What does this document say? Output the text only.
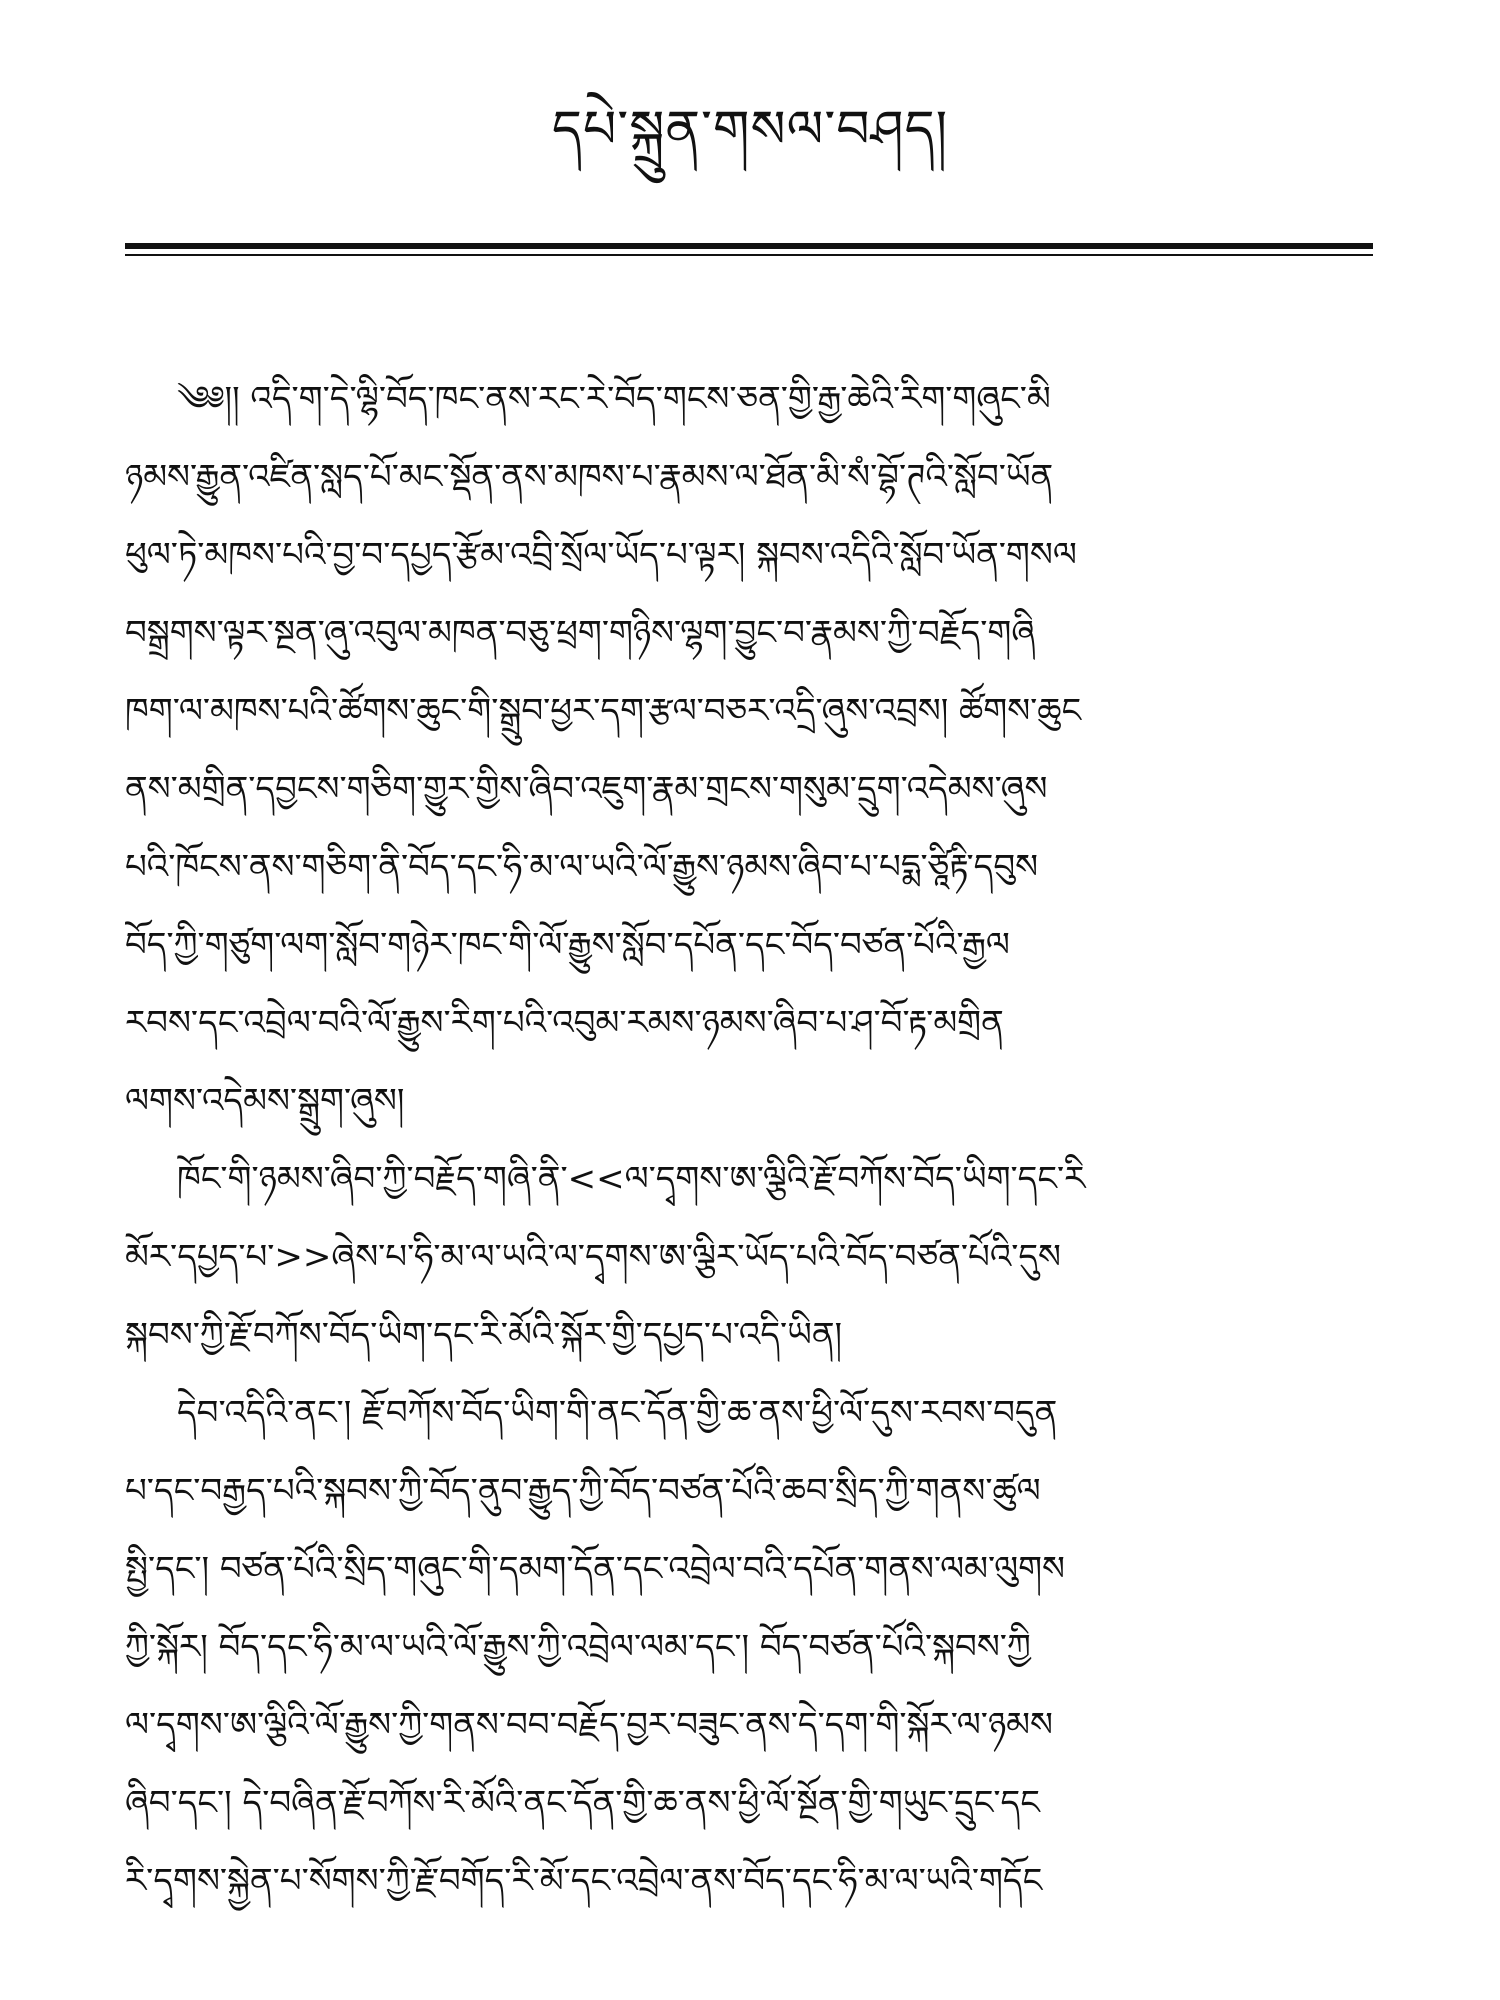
དཔེ་སྐྲུན་གསལ་བཤད།
༄༅།། འདི་ག་དེ་ལྷི་བོད་ཁང་ནས་རང་རེ་བོད་གངས་ཅན་གྱི་རྒྱ་ཆེའི་རིག་གཞུང་མི
ཉམས་རྒྱུན་འཛིན་སླད་པོ་མང་སྡོན་ནས་མཁས་པ་རྣམས་ལ་ཐོན་མི་སཾ་བྷོ་ཊའི་སློབ་ཡོན
ཕུལ་ཏེ་མཁས་པའི་བྱ་བ་དཔྱད་རྩོམ་འབྲི་སྲོལ་ཡོད་པ་ལྟར། སྐབས་འདིའི་སློབ་ཡོན་གསལ
བསྒྲགས་ལྟར་སྔན་ཞུ་འབུལ་མཁན་བཅུ་ཕྲག་གཉིས་ལྷག་བྱུང་བ་རྣམས་ཀྱི་བརྗོད་གཞི
ཁག་ལ་མཁས་པའི་ཚོགས་ཆུང་གི་སྒྲུབ་ཕྱར་དག་རྩལ་བཅར་འདྲི་ཞུས་འབྲས། ཚོགས་ཆུང
ནས་མགྲིན་དབྱངས་གཅིག་གྱུར་གྱིས་ཞིབ་འཇུག་རྣམ་གྲངས་གསུམ་དྲུག་འདེམས་ཞུས
པའི་ཁོངས་ནས་གཅིག་ནི་བོད་དང་ཧི་མ་ལ་ཡའི་ལོ་རྒྱུས་ཉམས་ཞིབ་པ་པདྨ་ཙཱིརྟི་དབུས
བོད་ཀྱི་གཙུག་ལག་སློབ་གཉེར་ཁང་གི་ལོ་རྒྱུས་སློབ་དཔོན་དང་བོད་བཙན་པོའི་རྒྱལ
རབས་དང་འབྲེལ་བའི་ལོ་རྒྱུས་རིག་པའི་འབུམ་རམས་ཉམས་ཞིབ་པ་ཤ་བོ་རྟ་མགྲིན
ལགས་འདེམས་སྒྲུག་ཞུས།
ཁོང་གི་ཉམས་ཞིབ་ཀྱི་བརྗོད་གཞི་ནི་<<ལ་དྭགས་ཨ་ལྕིའི་རྗོ་བཀོས་བོད་ཡིག་དང་རི
མོར་དཔྱད་པ་>>ཞེས་པ་ཧི་མ་ལ་ཡའི་ལ་དྭགས་ཨ་ལྕིར་ཡོད་པའི་བོད་བཙན་པོའི་དུས
སྐབས་ཀྱི་རྗོ་བཀོས་བོད་ཡིག་དང་རི་མོའི་སྐོར་གྱི་དཔྱད་པ་འདི་ཡིན།
དེབ་འདིའི་ནང་། རྗོ་བཀོས་བོད་ཡིག་གི་ནང་དོན་གྱི་ཆ་ནས་ཕྱི་ལོ་དུས་རབས་བདུན
པ་དང་བརྒྱད་པའི་སྐབས་ཀྱི་བོད་ནུབ་རྒྱུད་ཀྱི་བོད་བཙན་པོའི་ཆབ་སྲིད་ཀྱི་གནས་ཚུལ
སྤྱི་དང་། བཙན་པོའི་སྲིད་གཞུང་གི་དམག་དོན་དང་འབྲེལ་བའི་དཔོན་གནས་ལམ་ལུགས
ཀྱི་སྐོར། བོད་དང་ཧི་མ་ལ་ཡའི་ལོ་རྒྱུས་ཀྱི་འབྲེལ་ལམ་དང་། བོད་བཙན་པོའི་སྐབས་ཀྱི
ལ་དྭགས་ཨ་ལྕིའི་ལོ་རྒྱུས་ཀྱི་གནས་བབ་བརྗོད་བྱར་བཟུང་ནས་དེ་དག་གི་སྐོར་ལ་ཉམས
ཞིབ་དང་། དེ་བཞིན་རྗོ་བཀོས་རི་མོའི་ནང་དོན་གྱི་ཆ་ནས་ཕྱི་ལོ་སྔོན་གྱི་གཡུང་དྲུང་དང
རི་དྭགས་སྐྱེན་པ་སོགས་ཀྱི་རྗོ་བགོད་རི་མོ་དང་འབྲེལ་ནས་བོད་དང་ཧི་མ་ལ་ཡའི་གདོང
